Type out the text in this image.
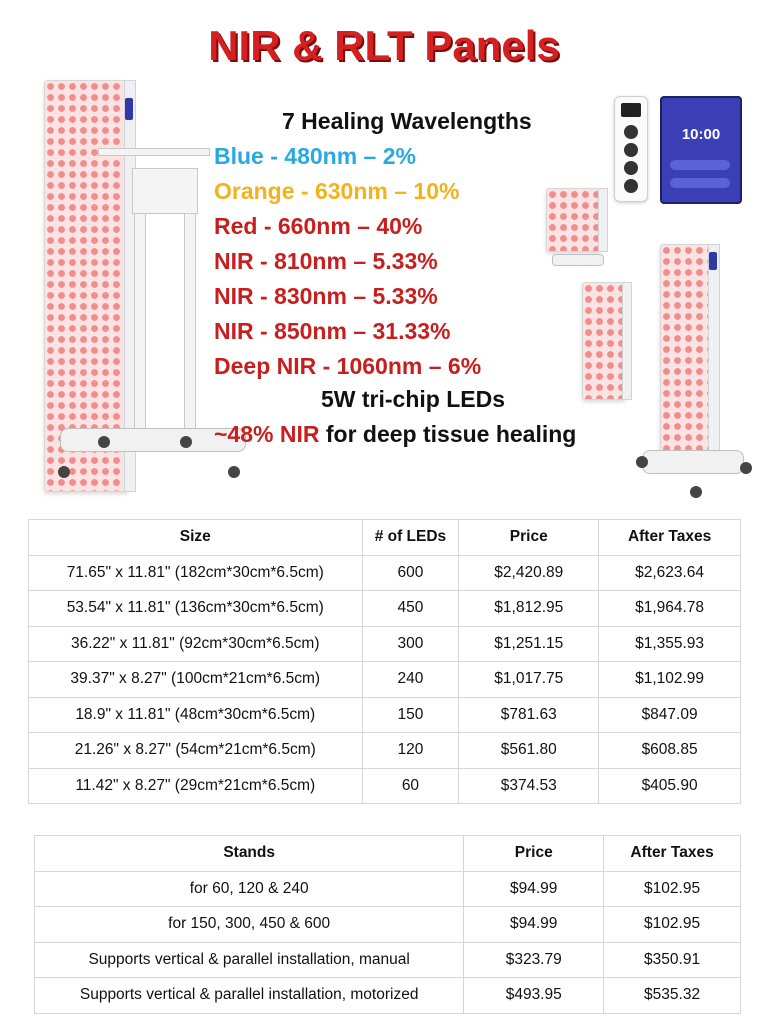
NIR & RLT Panels
10:00
7 Healing Wavelengths
Blue - 480nm – 2%
Orange - 630nm – 10%
Red - 660nm – 40%
NIR - 810nm – 5.33%
NIR - 830nm – 5.33%
NIR - 850nm – 31.33%
Deep NIR - 1060nm – 6%
5W tri-chip LEDs
~48% NIR for deep tissue healing
Size	# of LEDs	Price	After Taxes
71.65" x 11.81" (182cm*30cm*6.5cm)	600	$2,420.89	$2,623.64
53.54" x 11.81" (136cm*30cm*6.5cm)	450	$1,812.95	$1,964.78
36.22" x 11.81" (92cm*30cm*6.5cm)	300	$1,251.15	$1,355.93
39.37" x 8.27" (100cm*21cm*6.5cm)	240	$1,017.75	$1,102.99
18.9" x 11.81" (48cm*30cm*6.5cm)	150	$781.63	$847.09
21.26" x 8.27" (54cm*21cm*6.5cm)	120	$561.80	$608.85
11.42" x 8.27" (29cm*21cm*6.5cm)	60	$374.53	$405.90
Stands	Price	After Taxes
for 60, 120 & 240	$94.99	$102.95
for 150, 300, 450 & 600	$94.99	$102.95
Supports vertical & parallel installation, manual	$323.79	$350.91
Supports vertical & parallel installation, motorized	$493.95	$535.32
